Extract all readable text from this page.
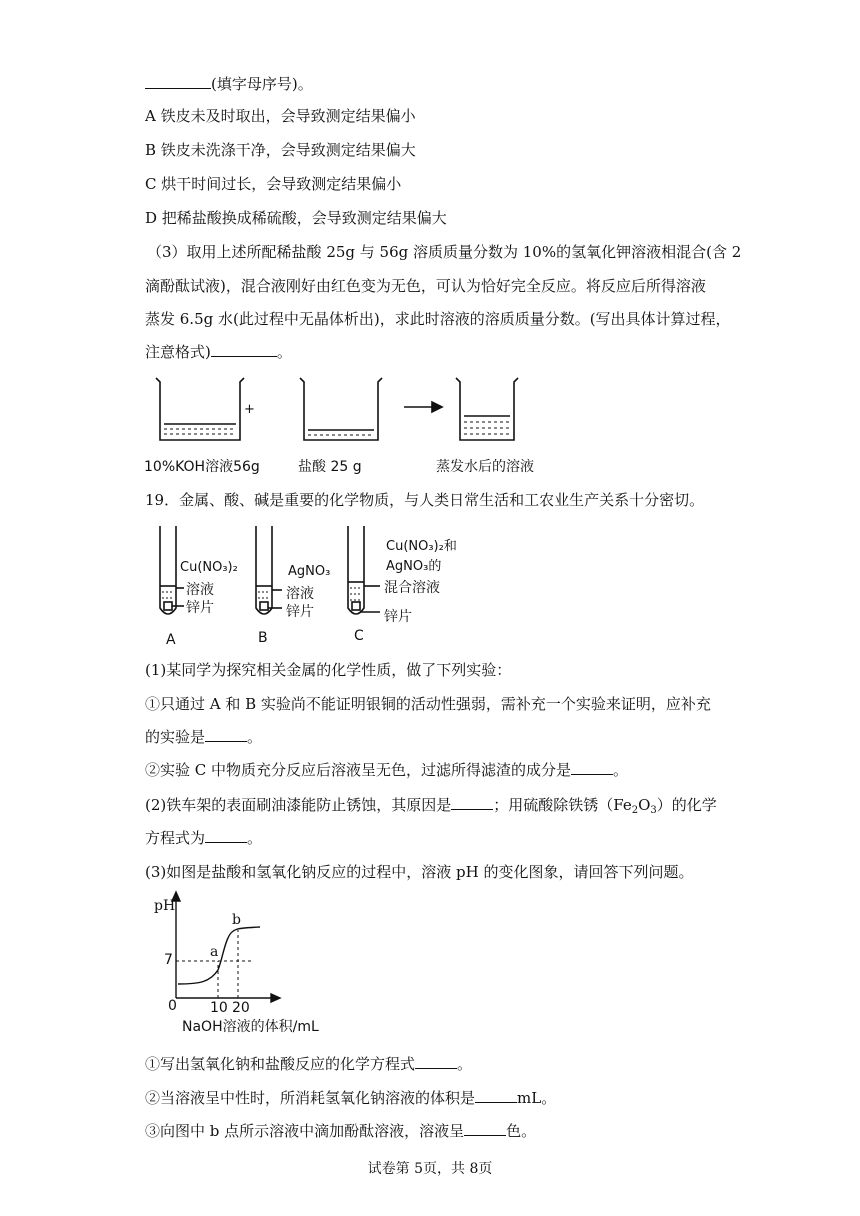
(填字母序号)。
A 铁皮未及时取出，会导致测定结果偏小
B 铁皮未洗涤干净，会导致测定结果偏大
C 烘干时间过长，会导致测定结果偏小
D 把稀盐酸换成稀硫酸，会导致测定结果偏大
（3）取用上述所配稀盐酸 25g 与 56g 溶质质量分数为 10%的氢氧化钾溶液相混合(含 2
滴酚酞试液)，混合液刚好由红色变为无色，可认为恰好完全反应。将反应后所得溶液
蒸发 6.5g 水(此过程中无晶体析出)，求此时溶液的溶质质量分数。(写出具体计算过程，
注意格式)	。
+
10%KOH溶液56g	盐酸 25 g	蒸发水后的溶液
19．金属、酸、碱是重要的化学物质，与人类日常生活和工农业生产关系十分密切。
Cu(NO₃)₂
溶液
锌片
A
AgNO₃
溶液
锌片
B
Cu(NO₃)₂和
AgNO₃的
混合溶液
锌片
C
(1)某同学为探究相关金属的化学性质，做了下列实验：
①只通过 A 和 B 实验尚不能证明银铜的活动性强弱，需补充一个实验来证明，应补充
的实验是	。
②实验 C 中物质充分反应后溶液呈无色，过滤所得滤渣的成分是	。
(2)铁车架的表面刷油漆能防止锈蚀，其原因是	；用硫酸除铁锈$(Fe_2O_3)$的化学
方程式为	。
(3)如图是盐酸和氢氧化钠反应的过程中，溶液 pH 的变化图象，请回答下列问题。
pH
7
0 10 20
a
b
NaOH溶液的体积/mL
①写出氢氧化钠和盐酸反应的化学方程式	。
②当溶液呈中性时，所消耗氢氧化钠溶液的体积是	mL。
③向图中 b 点所示溶液中滴加酚酞溶液，溶液呈	色。
试卷第 5页，共 8页
